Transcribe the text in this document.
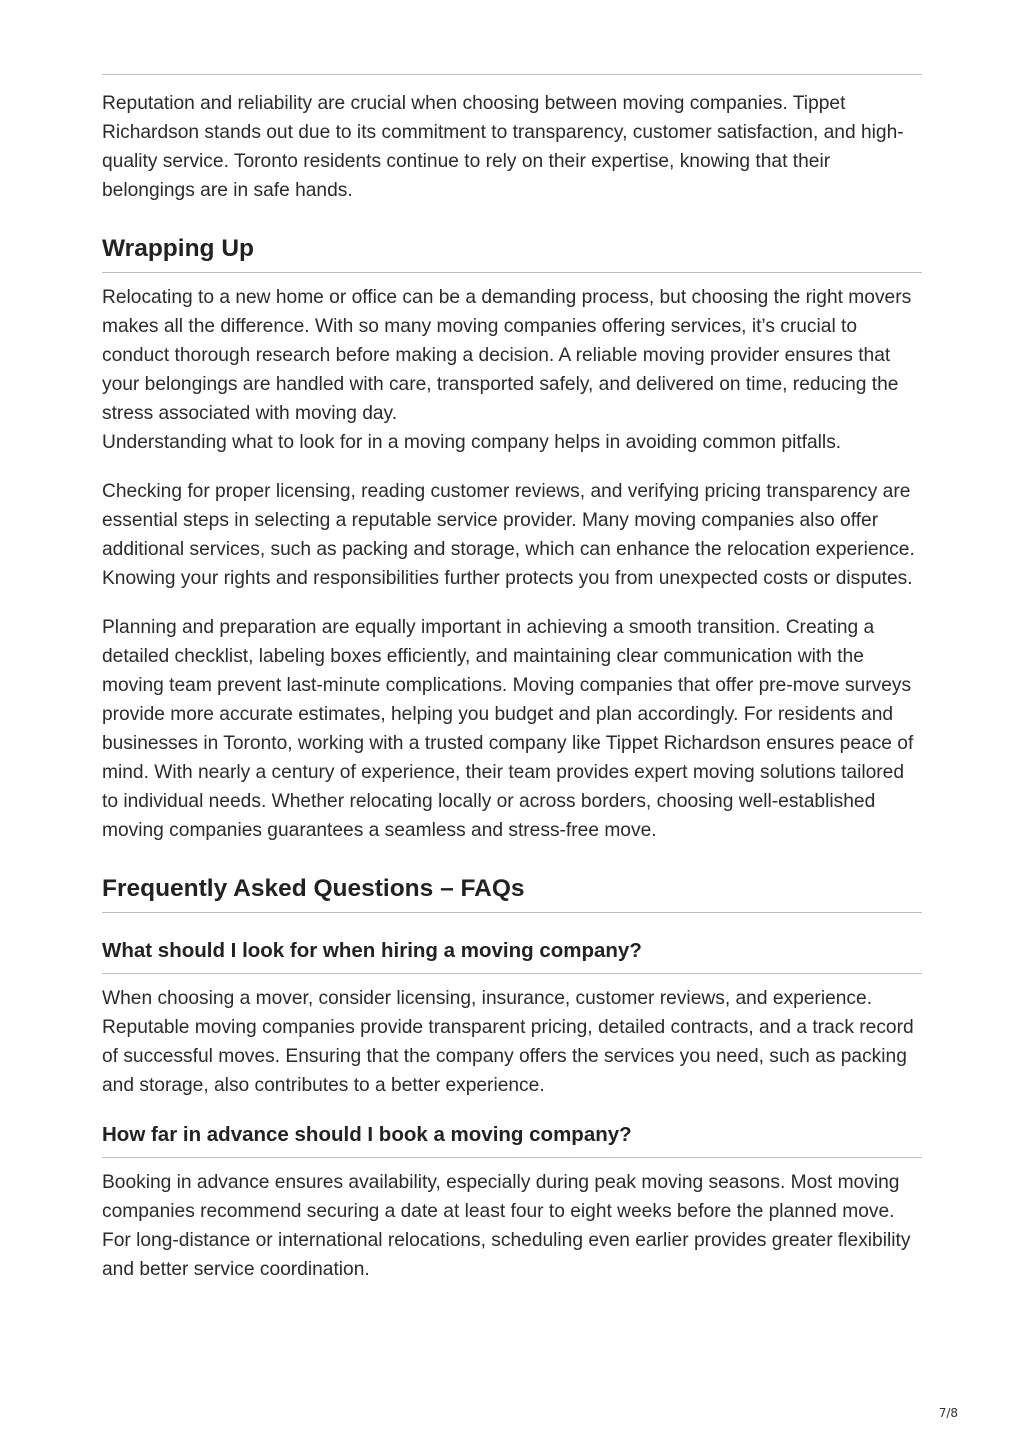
Reputation and reliability are crucial when choosing between moving companies. Tippet Richardson stands out due to its commitment to transparency, customer satisfaction, and high-quality service. Toronto residents continue to rely on their expertise, knowing that their belongings are in safe hands.

Wrapping Up

Relocating to a new home or office can be a demanding process, but choosing the right movers makes all the difference. With so many moving companies offering services, it’s crucial to conduct thorough research before making a decision. A reliable moving provider ensures that your belongings are handled with care, transported safely, and delivered on time, reducing the stress associated with moving day.

Understanding what to look for in a moving company helps in avoiding common pitfalls.

Checking for proper licensing, reading customer reviews, and verifying pricing transparency are essential steps in selecting a reputable service provider. Many moving companies also offer additional services, such as packing and storage, which can enhance the relocation experience. Knowing your rights and responsibilities further protects you from unexpected costs or disputes.

Planning and preparation are equally important in achieving a smooth transition. Creating a detailed checklist, labeling boxes efficiently, and maintaining clear communication with the moving team prevent last-minute complications. Moving companies that offer pre-move surveys provide more accurate estimates, helping you budget and plan accordingly. For residents and businesses in Toronto, working with a trusted company like Tippet Richardson ensures peace of mind. With nearly a century of experience, their team provides expert moving solutions tailored to individual needs. Whether relocating locally or across borders, choosing well-established moving companies guarantees a seamless and stress-free move.

Frequently Asked Questions – FAQs
What should I look for when hiring a moving company?

When choosing a mover, consider licensing, insurance, customer reviews, and experience. Reputable moving companies provide transparent pricing, detailed contracts, and a track record of successful moves. Ensuring that the company offers the services you need, such as packing and storage, also contributes to a better experience.

How far in advance should I book a moving company?

Booking in advance ensures availability, especially during peak moving seasons. Most moving companies recommend securing a date at least four to eight weeks before the planned move. For long-distance or international relocations, scheduling even earlier provides greater flexibility and better service coordination.

7/8
